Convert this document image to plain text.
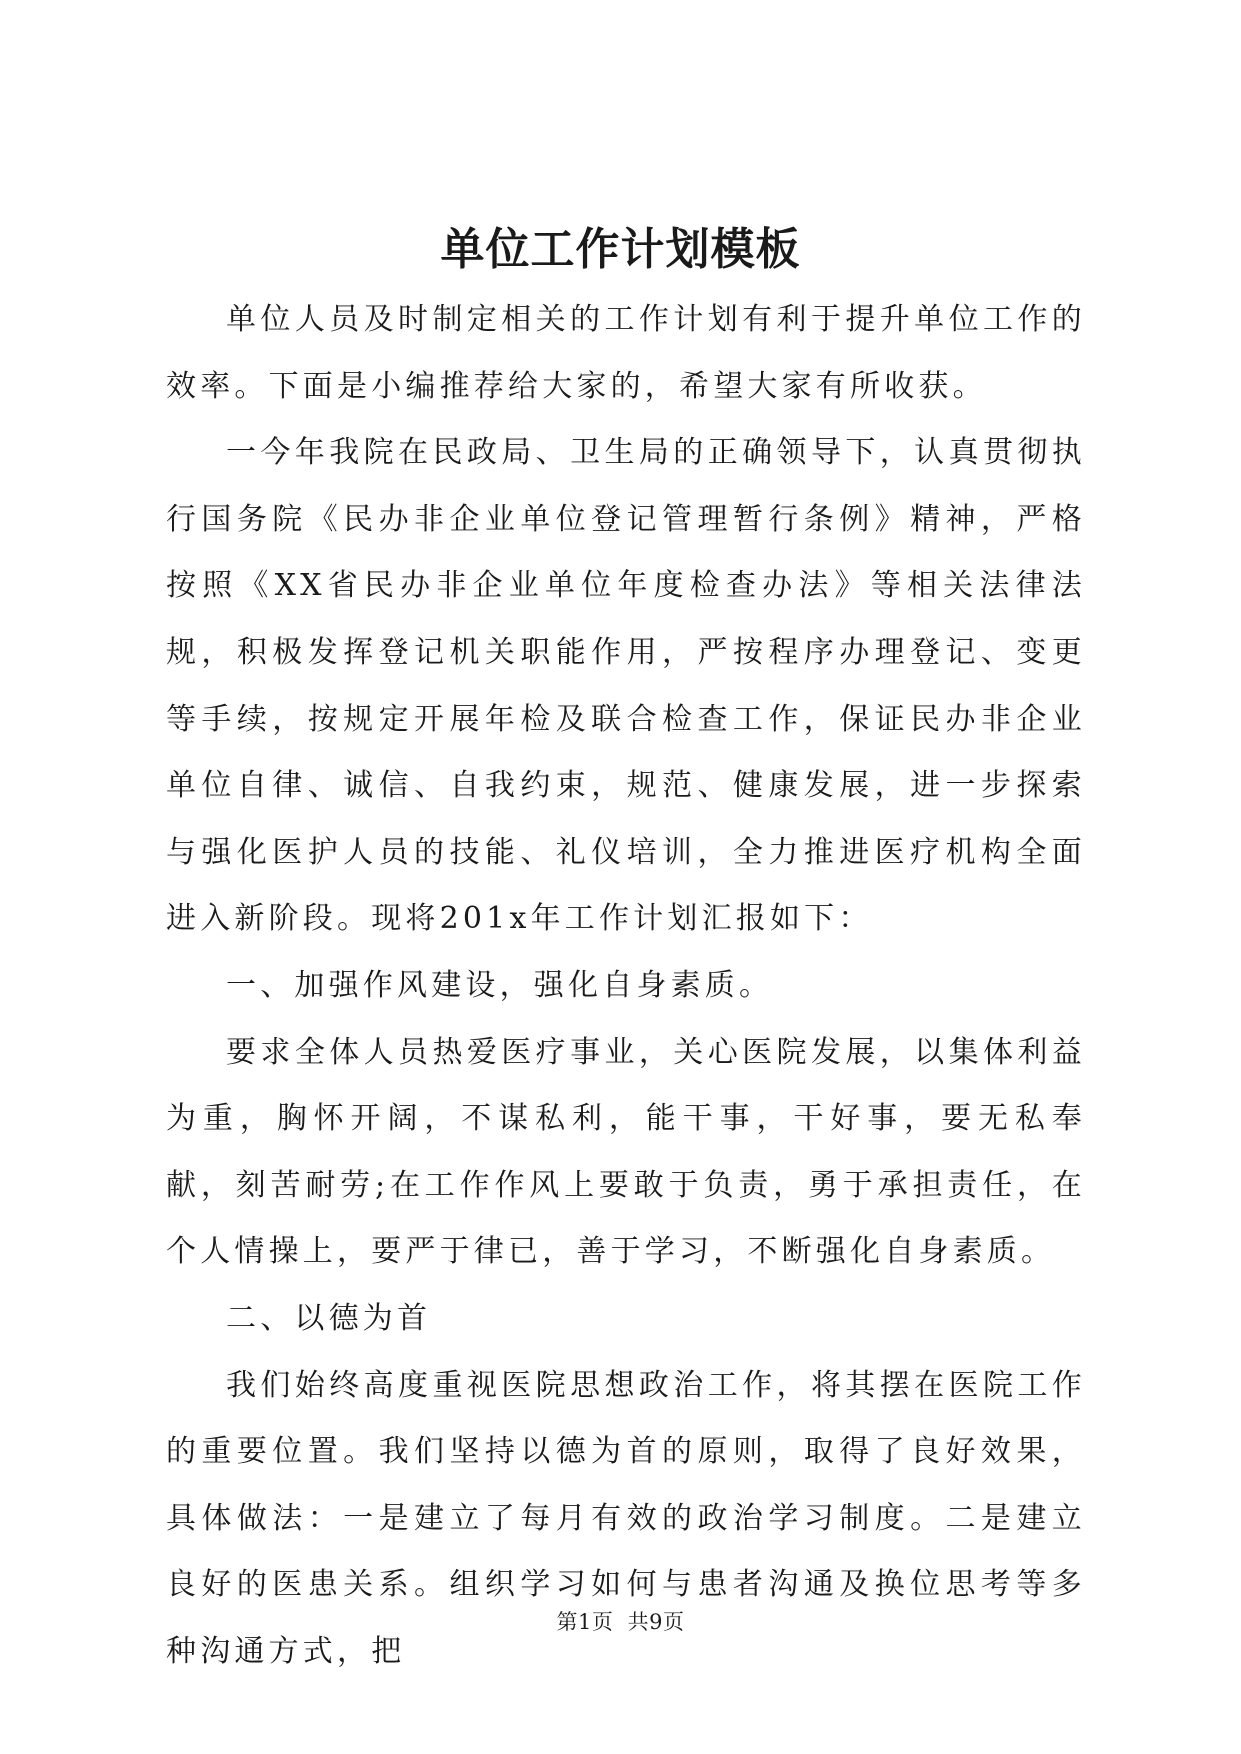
单位工作计划模板

单位人员及时制定相关的工作计划有利于提升单位工作的效率。下面是小编推荐给大家的，希望大家有所收获。

一今年我院在民政局、卫生局的正确领导下，认真贯彻执行国务院《民办非企业单位登记管理暂行条例》精神，严格按照《XX省民办非企业单位年度检查办法》等相关法律法规，积极发挥登记机关职能作用，严按程序办理登记、变更等手续，按规定开展年检及联合检查工作，保证民办非企业单位自律、诚信、自我约束，规范、健康发展，进一步探索与强化医护人员的技能、礼仪培训，全力推进医疗机构全面进入新阶段。现将201x年工作计划汇报如下：

一、加强作风建设，强化自身素质。

要求全体人员热爱医疗事业，关心医院发展，以集体利益为重，胸怀开阔，不谋私利，能干事，干好事，要无私奉献，刻苦耐劳;在工作作风上要敢于负责，勇于承担责任，在个人情操上，要严于律已，善于学习，不断强化自身素质。

二、以德为首

我们始终高度重视医院思想政治工作，将其摆在医院工作的重要位置。我们坚持以德为首的原则，取得了良好效果，具体做法：一是建立了每月有效的政治学习制度。二是建立良好的医患关系。组织学习如何与患者沟通及换位思考等多种沟通方式，把

第1页 共9页
